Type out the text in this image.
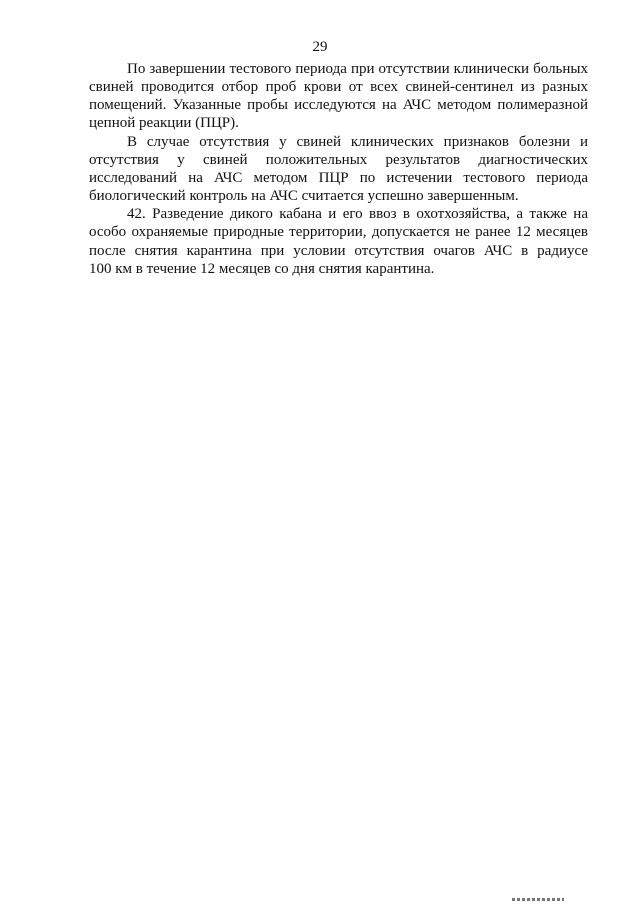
29

По завершении тестового периода при отсутствии клинически больных
свиней проводится отбор проб крови от всех свиней-сентинел из разных
помещений. Указанные пробы исследуются на АЧС методом полимеразной
цепной реакции (ПЦР).

В случае отсутствия у свиней клинических признаков болезни и
отсутствия у свиней положительных результатов диагностических
исследований на АЧС методом ПЦР по истечении тестового периода
биологический контроль на АЧС считается успешно завершенным.

42. Разведение дикого кабана и его ввоз в охотхозяйства, а также на
особо охраняемые природные территории, допускается не ранее 12 месяцев
после снятия карантина при условии отсутствия очагов АЧС в радиусе
100 км в течение 12 месяцев со дня снятия карантина.
